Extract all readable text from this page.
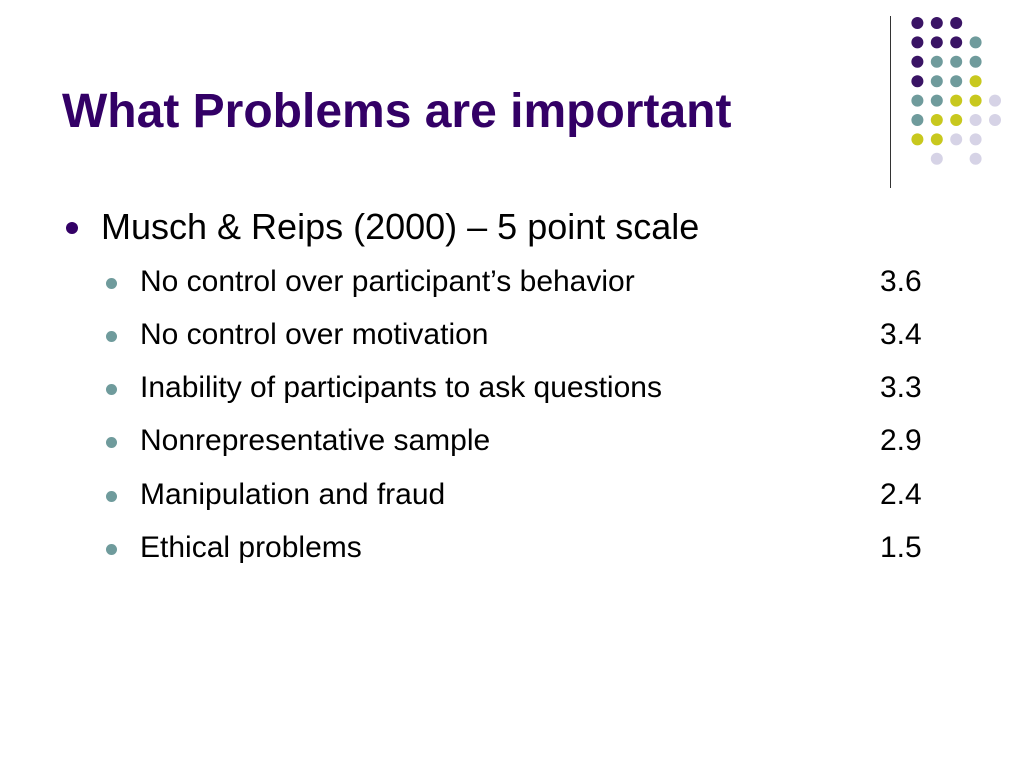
What Problems are important
Musch & Reips (2000) – 5 point scale
No control over participant’s behavior	3.6
No control over motivation	3.4
Inability of participants to ask questions	3.3
Nonrepresentative sample	2.9
Manipulation and fraud	2.4
Ethical problems	1.5
